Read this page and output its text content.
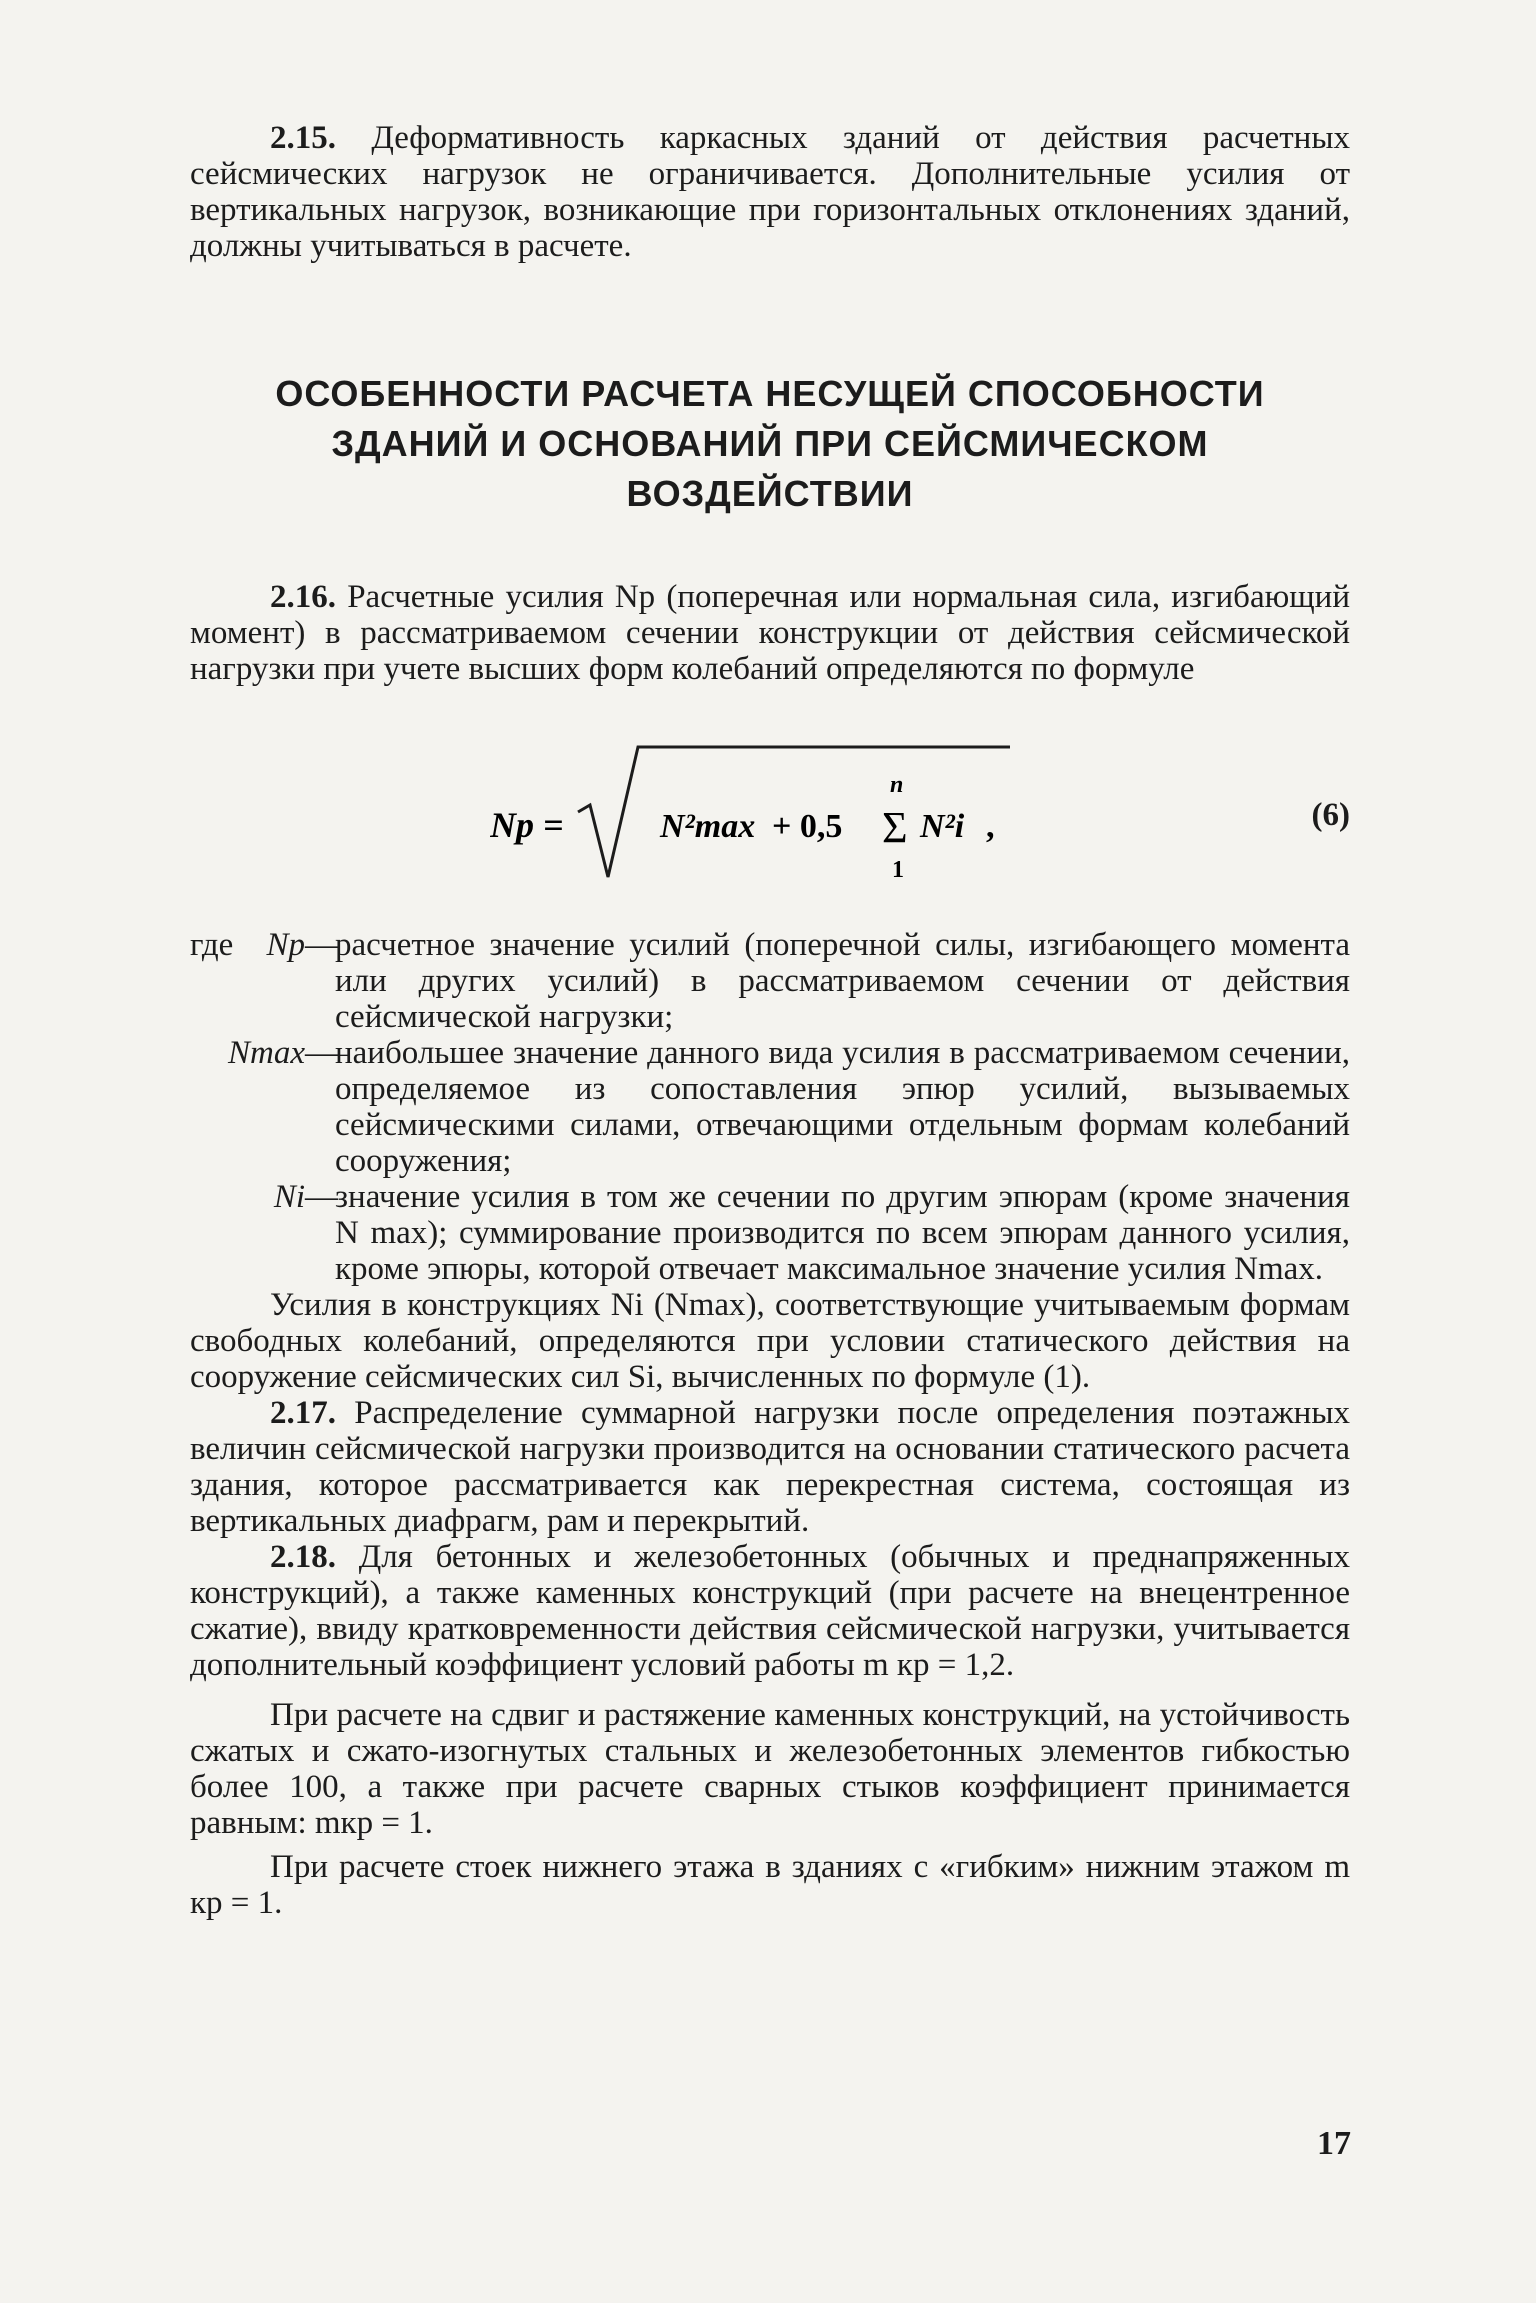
2.15. Деформативность каркасных зданий от действия расчетных сейсмических нагрузок не ограничивается. Дополнительные усилия от вертикальных нагрузок, возникающие при горизонтальных отклонениях зданий, должны учитываться в расчете.

ОСОБЕННОСТИ РАСЧЕТА НЕСУЩЕЙ СПОСОБНОСТИ
ЗДАНИЙ И ОСНОВАНИЙ ПРИ СЕЙСМИЧЕСКОМ
ВОЗДЕЙСТВИИ

2.16. Расчетные усилия Nр (поперечная или нормальная сила, изгибающий момент) в рассматриваемом сечении конструкции от действия сейсмической нагрузки при учете высших форм колебаний определяются по формуле

Nр =	N²max + 0,5
n
Σ
1
N²i ,	(6)
где	Nр —
расчетное значение усилий (поперечной силы, изгибающего момента или других усилий) в рассматриваемом сечении от действия сейсмической нагрузки;
Nmax —
наибольшее значение данного вида усилия в рассматриваемом сечении, определяемое из сопоставления эпюр усилий, вызываемых сейсмическими силами, отвечающими отдельным формам колебаний сооружения;
Ni —
значение усилия в том же сечении по другим эпюрам (кроме значения N max); суммирование производится по всем эпюрам данного усилия, кроме эпюры, которой отвечает максимальное значение усилия Nmax.

Усилия в конструкциях Ni (Nmax), соответствующие учитываемым формам свободных колебаний, определяются при условии статического действия на сооружение сейсмических сил Si, вычисленных по формуле (1).

2.17. Распределение суммарной нагрузки после определения поэтажных величин сейсмической нагрузки производится на основании статического расчета здания, которое рассматривается как перекрестная система, состоящая из вертикальных диафрагм, рам и перекрытий.

2.18. Для бетонных и железобетонных (обычных и преднапряженных конструкций), а также каменных конструкций (при расчете на внецентренное сжатие), ввиду кратковременности действия сейсмической нагрузки, учитывается дополнительный коэффициент условий работы m кр = 1,2.

При расчете на сдвиг и растяжение каменных конструкций, на устойчивость сжатых и сжато-изогнутых стальных и железобетонных элементов гибкостью более 100, а также при расчете сварных стыков коэффициент принимается равным: mкр = 1.

При расчете стоек нижнего этажа в зданиях с «гибким» нижним этажом m кр = 1.

17
